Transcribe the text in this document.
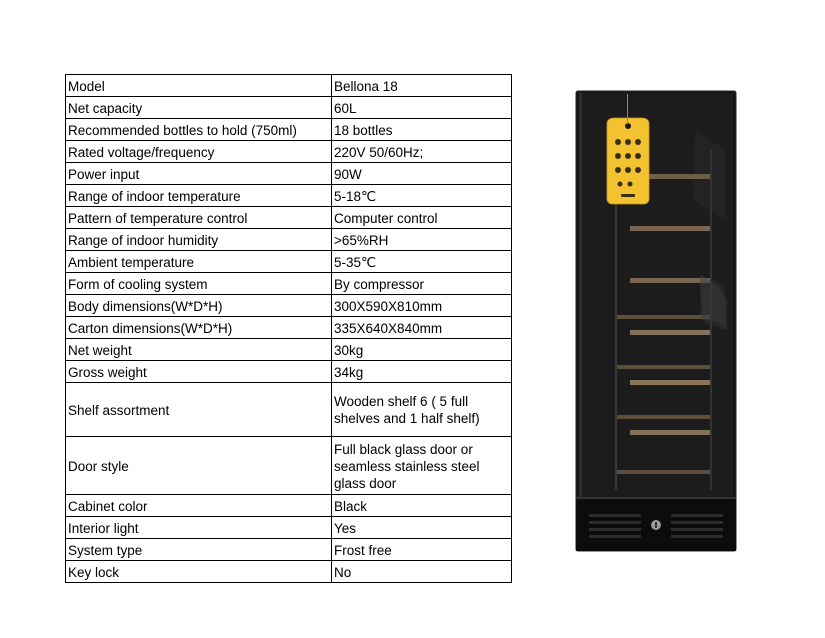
Model	Bellona 18
Net capacity	60L
Recommended bottles to hold (750ml)	18 bottles
Rated voltage/frequency	220V 50/60Hz;
Power input	90W
Range of indoor temperature	5-18℃
Pattern of temperature control	Computer control
Range of indoor humidity	>65%RH
Ambient temperature	5-35℃
Form of cooling system	By compressor
Body dimensions(W*D*H)	300X590X810mm
Carton dimensions(W*D*H)	335X640X840mm
Net weight	30kg
Gross weight	34kg
Shelf assortment	Wooden shelf 6 ( 5 full shelves and 1 half shelf)
Door style	Full black glass door or seamless stainless steel glass door
Cabinet color	Black
Interior light	Yes
System type	Frost free
Key lock	No
